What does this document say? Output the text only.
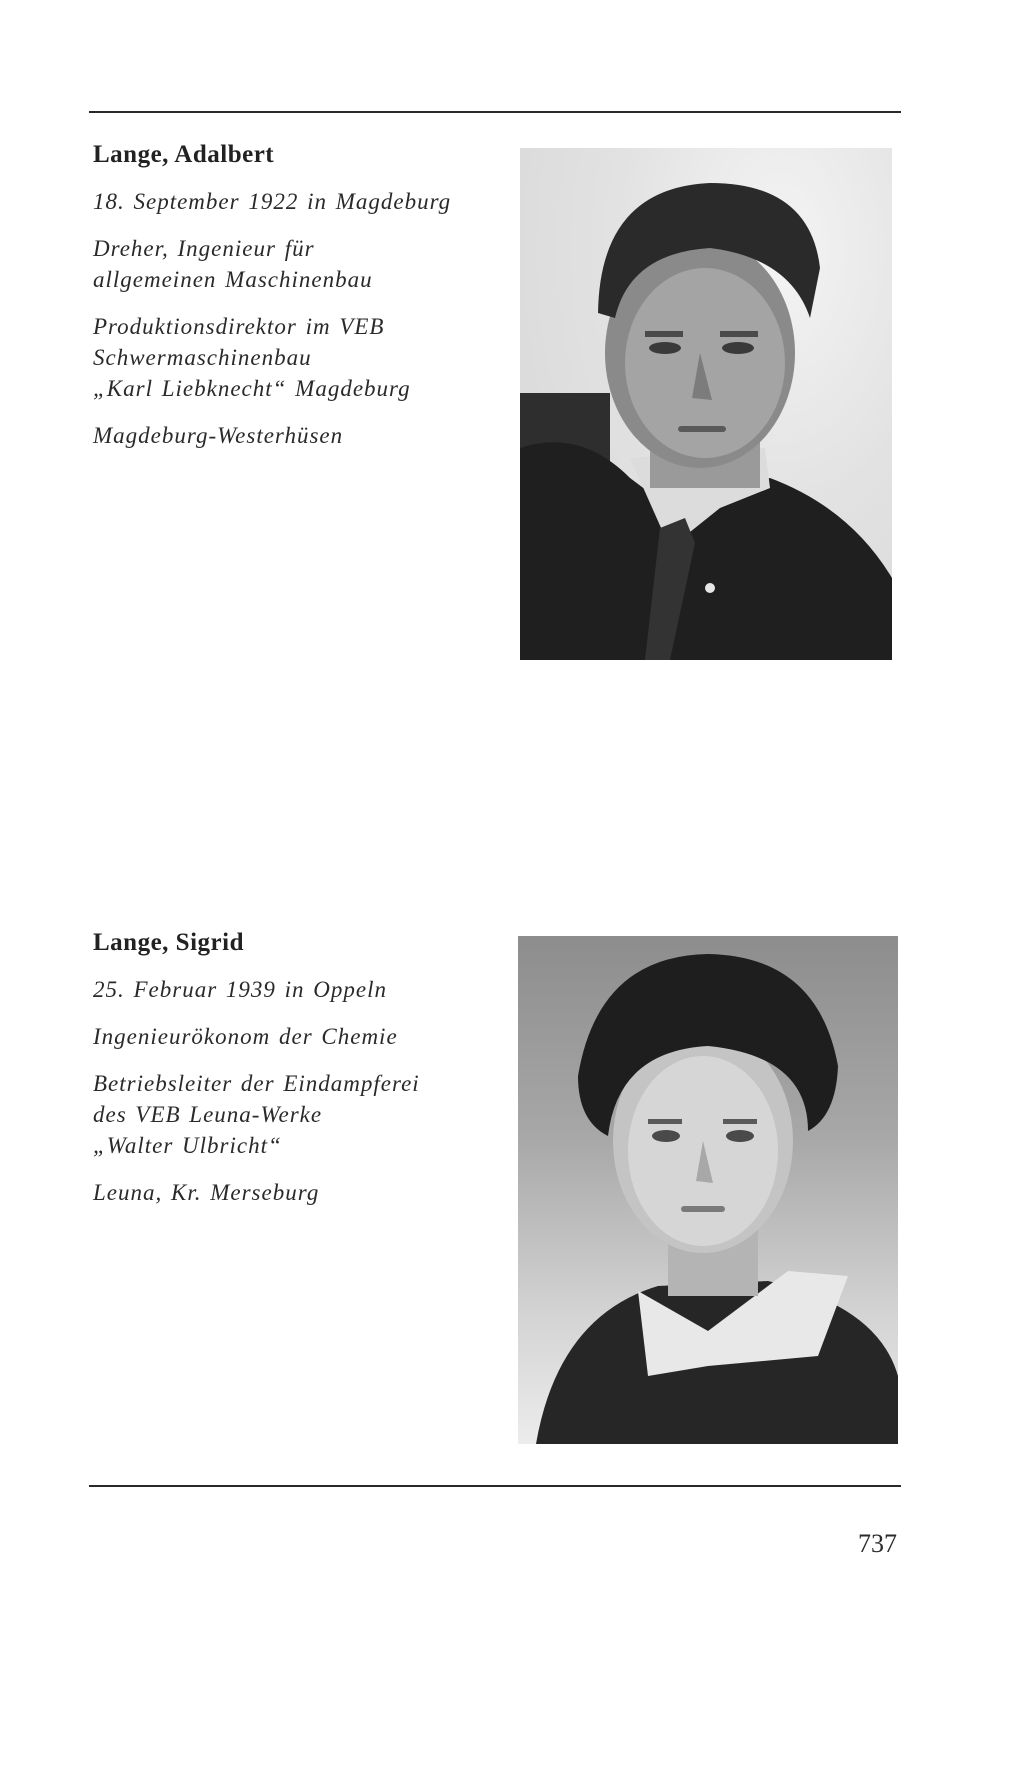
Lange, Adalbert
18. September 1922 in Magdeburg
Dreher, Ingenieur für
allgemeinen Maschinenbau
Produktionsdirektor im VEB
Schwermaschinenbau
„Karl Liebknecht“ Magdeburg
Magdeburg-Westerhüsen
Lange, Sigrid
25. Februar 1939 in Oppeln
Ingenieurökonom der Chemie
Betriebsleiter der Eindampferei
des VEB Leuna-Werke
„Walter Ulbricht“
Leuna, Kr. Merseburg
737
